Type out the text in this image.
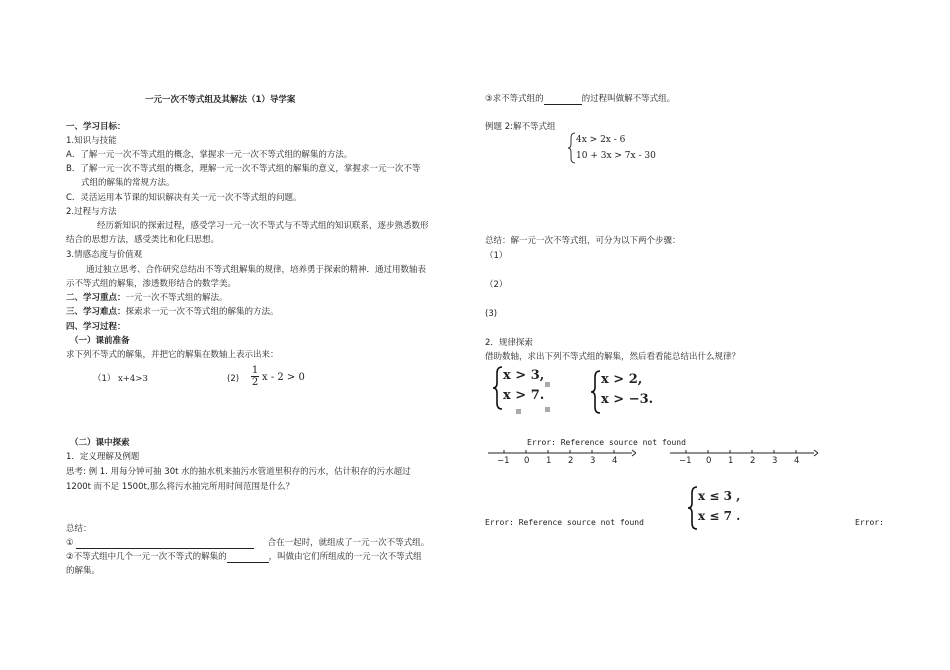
一元一次不等式组及其解法（1）导学案
一、学习目标：
1.知识与技能
A．了解一元一次不等式组的概念，掌握求一元一次不等式组的解集的方法。
B．了解一元一次不等式组的概念，理解一元一次不等式组的解集的意义，掌握求一元一次不等
式组的解集的常规方法。
C．灵活运用本节课的知识解决有关一元一次不等式组的问题。
2.过程与方法
经历新知识的探索过程，感受学习一元一次不等式与不等式组的知识联系，逐步熟悉数形
结合的思想方法，感受类比和化归思想。
3.情感态度与价值观
通过独立思考、合作研究总结出不等式组解集的规律，培养勇于探索的精神．通过用数轴表
示不等式组的解集，渗透数形结合的数学美。
二、学习重点：一元一次不等式组的解法。
三、学习难点：探索求一元一次不等式组的解集的方法。
四、学习过程：
（一）课前准备
求下列不等式的解集，并把它的解集在数轴上表示出来：
（1） x+4>3	$(2) \frac{1}{2}$ x - 2 > 0
（二）课中探索
1．定义理解及例题
思考: 例 1. 用每分钟可抽 30t 水的抽水机来抽污水管道里积存的污水，估计积存的污水超过
1200t 而不足 1500t,那么将污水抽完所用时间范围是什么？
总结：
①	合在一起时，就组成了一元一次不等式组。
②不等式组中几个一元一次不等式的解集的	，叫做由它们所组成的一元一次不等式组
的解集。
③求不等式组的	的过程叫做解不等式组。
例题 2:解不等式组
4x > 2x - 6
10 + 3x > 7x - 30
总结：解一元一次不等式组，可分为以下两个步骤：
（1）
（2）
(3)
2．规律探索
借助数轴，求出下列不等式组的解集，然后看看能总结出什么规律？
x > 3,
x > 7.
x > 2,
x > −3.
Error: Reference source not found
−1 0 1 2 3 4	−1 0 1 2 3 4
x ≤ 3 ,
x ≤ 7 .
Error: Reference source not found	Error:
